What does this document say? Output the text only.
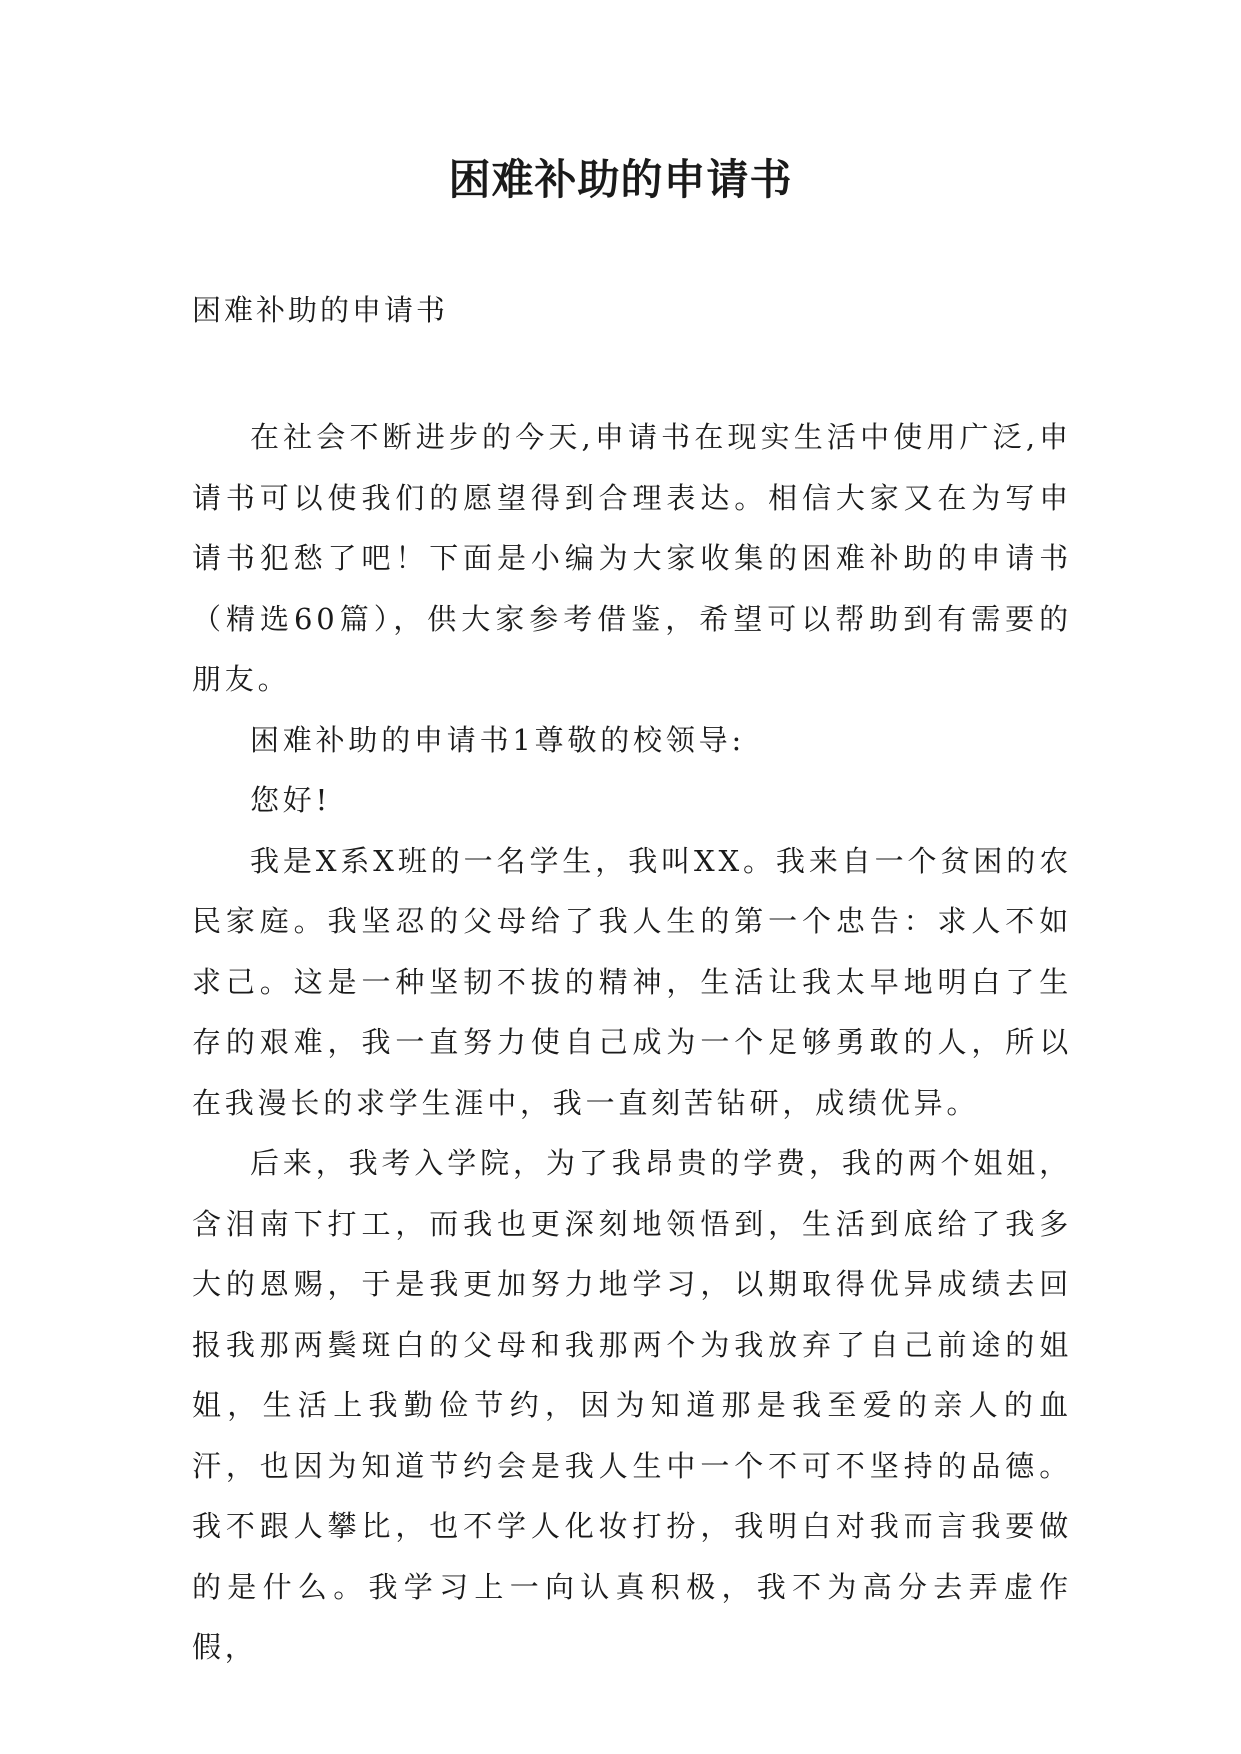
困难补助的申请书

困难补助的申请书

在社会不断进步的今天,申请书在现实生活中使用广泛,申请书可以使我们的愿望得到合理表达。相信大家又在为写申请书犯愁了吧！下面是小编为大家收集的困难补助的申请书（精选60篇），供大家参考借鉴，希望可以帮助到有需要的朋友。

困难补助的申请书1尊敬的校领导:

您好!

我是X系X班的一名学生，我叫XX。我来自一个贫困的农民家庭。我坚忍的父母给了我人生的第一个忠告：求人不如求己。这是一种坚韧不拔的精神，生活让我太早地明白了生存的艰难，我一直努力使自己成为一个足够勇敢的人，所以在我漫长的求学生涯中，我一直刻苦钻研，成绩优异。

后来，我考入学院，为了我昂贵的学费，我的两个姐姐，含泪南下打工，而我也更深刻地领悟到，生活到底给了我多大的恩赐，于是我更加努力地学习，以期取得优异成绩去回报我那两鬓斑白的父母和我那两个为我放弃了自己前途的姐姐，生活上我勤俭节约，因为知道那是我至爱的亲人的血汗，也因为知道节约会是我人生中一个不可不坚持的品德。我不跟人攀比，也不学人化妆打扮，我明白对我而言我要做的是什么。我学习上一向认真积极，我不为高分去弄虚作假，
